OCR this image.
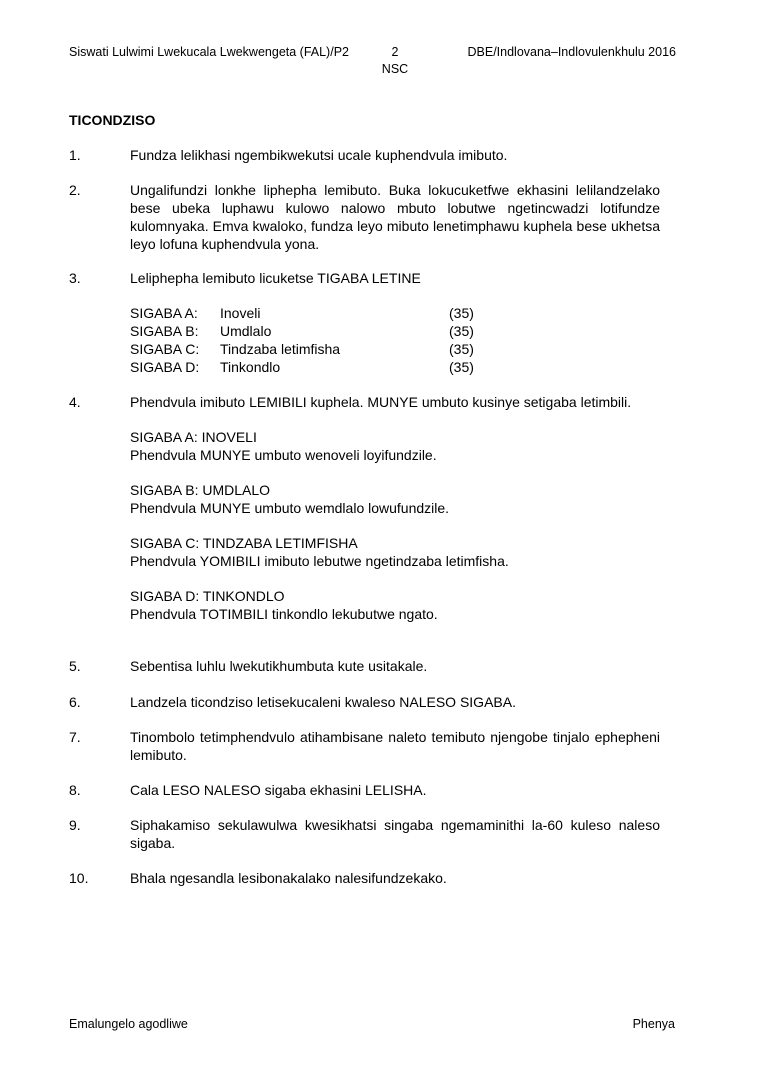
Siswati Lulwimi Lwekucala Lwekwengeta (FAL)/P2	2
NSC
DBE/Indlovana–Indlovulenkhulu 2016
TICONDZISO
1.	Fundza lelikhasi ngembikwekutsi ucale kuphendvula imibuto.

2.	Ungalifundzi lonkhe liphepha lemibuto. Buka lokucuketfwe ekhasini lelilandzelako bese ubeka luphawu kulowo nalowo mbuto lobutwe ngetincwadzi lotifundze kulomnyaka. Emva kwaloko, fundza leyo mibuto lenetimphawu kuphela bese ukhetsa leyo lofuna kuphendvula yona.

3.	Leliphepha lemibuto licuketse TIGABA LETINE

SIGABA A: Inoveli	(35)
SIGABA B: Umdlalo	(35)
SIGABA C: Tindzaba letimfisha	(35)
SIGABA D: Tinkondlo	(35)
4.	Phendvula imibuto LEMIBILI kuphela. MUNYE umbuto kusinye setigaba letimbili.

SIGABA A: INOVELI

Phendvula MUNYE umbuto wenoveli loyifundzile.

SIGABA B: UMDLALO

Phendvula MUNYE umbuto wemdlalo lowufundzile.

SIGABA C: TINDZABA LETIMFISHA

Phendvula YOMIBILI imibuto lebutwe ngetindzaba letimfisha.

SIGABA D: TINKONDLO

Phendvula TOTIMBILI tinkondlo lekubutwe ngato.

5.	Sebentisa luhlu lwekutikhumbuta kute usitakale.

6.	Landzela ticondziso letisekucaleni kwaleso NALESO SIGABA.

7.	Tinombolo tetimphendvulo atihambisane naleto temibuto njengobe tinjalo ephepheni lemibuto.

8.	Cala LESO NALESO sigaba ekhasini LELISHA.

9.	Siphakamiso sekulawulwa kwesikhatsi singaba ngemaminithi la-60 kuleso naleso sigaba.

10.	Bhala ngesandla lesibonakalako nalesifundzekako.

Emalungelo agodliwe	Phenya
